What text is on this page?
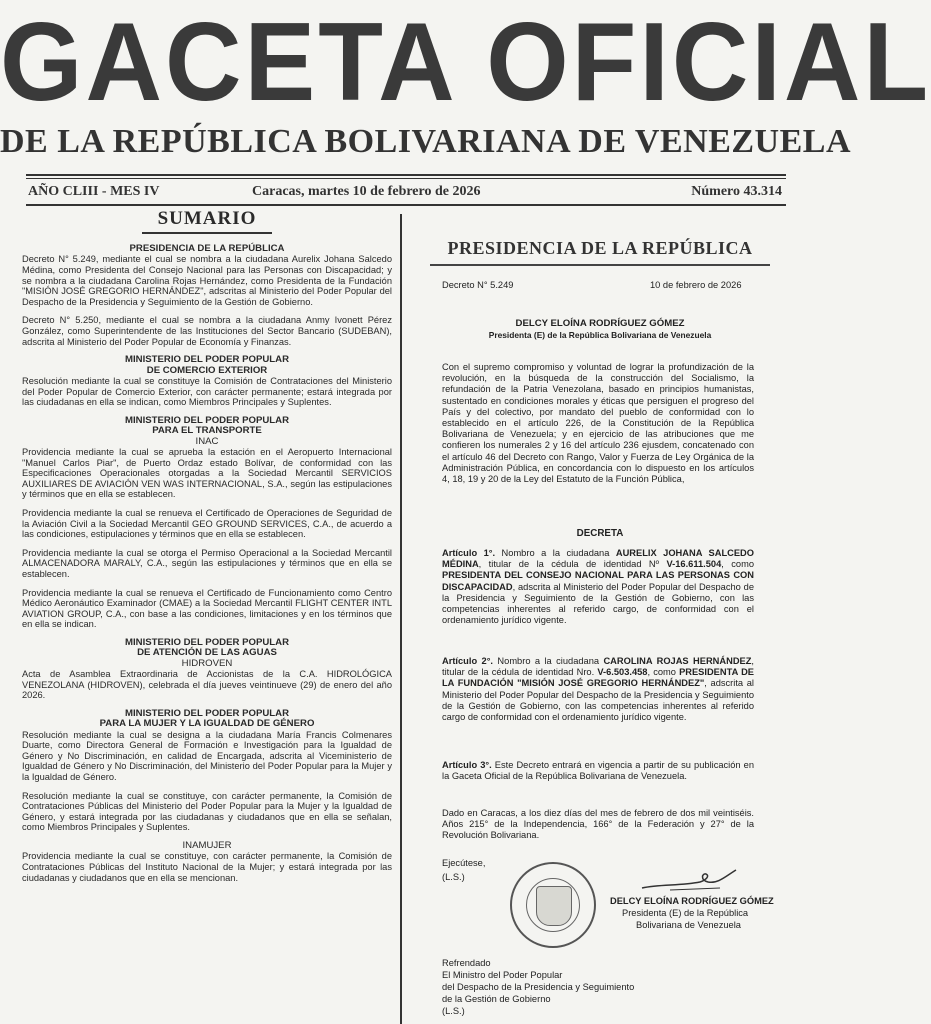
GACETA OFICIAL
DE LA REPÚBLICA BOLIVARIANA DE VENEZUELA
AÑO CLIII - MES IV	Caracas, martes 10 de febrero de 2026	Número 43.314
SUMARIO
PRESIDENCIA DE LA REPÚBLICA
Decreto N° 5.249, mediante el cual se nombra a la ciudadana Aurelix Johana Salcedo Médina, como Presidenta del Consejo Nacional para las Personas con Discapacidad; y se nombra a la ciudadana Carolina Rojas Hernández, como Presidenta de la Fundación "MISIÓN JOSÉ GREGORIO HERNÁNDEZ", adscritas al Ministerio del Poder Popular del Despacho de la Presidencia y Seguimiento de la Gestión de Gobierno.
Decreto N° 5.250, mediante el cual se nombra a la ciudadana Anmy Ivonett Pérez González, como Superintendente de las Instituciones del Sector Bancario (SUDEBAN), adscrita al Ministerio del Poder Popular de Economía y Finanzas.
MINISTERIO DEL PODER POPULAR
DE COMERCIO EXTERIOR
Resolución mediante la cual se constituye la Comisión de Contrataciones del Ministerio del Poder Popular de Comercio Exterior, con carácter permanente; estará integrada por las ciudadanas en ella se indican, como Miembros Principales y Suplentes.
MINISTERIO DEL PODER POPULAR
PARA EL TRANSPORTE
INAC
Providencia mediante la cual se aprueba la estación en el Aeropuerto Internacional "Manuel Carlos Piar", de Puerto Ordaz estado Bolívar, de conformidad con las Especificaciones Operacionales otorgadas a la Sociedad Mercantil SERVICIOS AUXILIARES DE AVIACIÓN VEN WAS INTERNACIONAL, S.A., según las estipulaciones y términos que en ella se establecen.
Providencia mediante la cual se renueva el Certificado de Operaciones de Seguridad de la Aviación Civil a la Sociedad Mercantil GEO GROUND SERVICES, C.A., de acuerdo a las condiciones, estipulaciones y términos que en ella se establecen.
Providencia mediante la cual se otorga el Permiso Operacional a la Sociedad Mercantil ALMACENADORA MARALY, C.A., según las estipulaciones y términos que en ella se establecen.
Providencia mediante la cual se renueva el Certificado de Funcionamiento como Centro Médico Aeronáutico Examinador (CMAE) a la Sociedad Mercantil FLIGHT CENTER INTL AVIATION GROUP, C.A., con base a las condiciones, limitaciones y en los términos que en ella se indican.
MINISTERIO DEL PODER POPULAR
DE ATENCIÓN DE LAS AGUAS
HIDROVEN
Acta de Asamblea Extraordinaria de Accionistas de la C.A. HIDROLÓGICA VENEZOLANA (HIDROVEN), celebrada el día jueves veintinueve (29) de enero del año 2026.
MINISTERIO DEL PODER POPULAR
PARA LA MUJER Y LA IGUALDAD DE GÉNERO
Resolución mediante la cual se designa a la ciudadana María Francis Colmenares Duarte, como Directora General de Formación e Investigación para la Igualdad de Género y No Discriminación, en calidad de Encargada, adscrita al Viceministerio de Igualdad de Género y No Discriminación, del Ministerio del Poder Popular para la Mujer y la Igualdad de Género.
Resolución mediante la cual se constituye, con carácter permanente, la Comisión de Contrataciones Públicas del Ministerio del Poder Popular para la Mujer y la Igualdad de Género, y estará integrada por las ciudadanas y ciudadanos que en ella se señalan, como Miembros Principales y Suplentes.
INAMUJER
Providencia mediante la cual se constituye, con carácter permanente, la Comisión de Contrataciones Públicas del Instituto Nacional de la Mujer; y estará integrada por las ciudadanas y ciudadanos que en ella se mencionan.
PRESIDENCIA DE LA REPÚBLICA
Decreto N° 5.249	10 de febrero de 2026
DELCY ELOÍNA RODRÍGUEZ GÓMEZ
Presidenta (E) de la República Bolivariana de Venezuela
Con el supremo compromiso y voluntad de lograr la profundización de la revolución, en la búsqueda de la construcción del Socialismo, la refundación de la Patria Venezolana, basado en principios humanistas, sustentado en condiciones morales y éticas que persiguen el progreso del País y del colectivo, por mandato del pueblo de conformidad con lo establecido en el artículo 226, de la Constitución de la República Bolivariana de Venezuela; y en ejercicio de las atribuciones que me confieren los numerales 2 y 16 del artículo 236 ejusdem, concatenado con el artículo 46 del Decreto con Rango, Valor y Fuerza de Ley Orgánica de la Administración Pública, en concordancia con lo dispuesto en los artículos 4, 18, 19 y 20 de la Ley del Estatuto de la Función Pública,
DECRETA
Artículo 1°. Nombro a la ciudadana AURELIX JOHANA SALCEDO MÉDINA, titular de la cédula de identidad Nº V-16.611.504, como PRESIDENTA DEL CONSEJO NACIONAL PARA LAS PERSONAS CON DISCAPACIDAD, adscrita al Ministerio del Poder Popular del Despacho de la Presidencia y Seguimiento de la Gestión de Gobierno, con las competencias inherentes al referido cargo, de conformidad con el ordenamiento jurídico vigente.
Artículo 2°. Nombro a la ciudadana CAROLINA ROJAS HERNÁNDEZ, titular de la cédula de identidad Nro. V-6.503.458, como PRESIDENTA DE LA FUNDACIÓN "MISIÓN JOSÉ GREGORIO HERNÁNDEZ", adscrita al Ministerio del Poder Popular del Despacho de la Presidencia y Seguimiento de la Gestión de Gobierno, con las competencias inherentes al referido cargo de conformidad con el ordenamiento jurídico vigente.
Artículo 3°. Este Decreto entrará en vigencia a partir de su publicación en la Gaceta Oficial de la República Bolivariana de Venezuela.
Dado en Caracas, a los diez días del mes de febrero de dos mil veintiséis. Años 215° de la Independencia, 166° de la Federación y 27° de la Revolución Bolivariana.
Ejecútese,
(L.S.)
DELCY ELOÍNA RODRÍGUEZ GÓMEZ
Presidenta (E) de la República
Bolivariana de Venezuela
Refrendado
El Ministro del Poder Popular
del Despacho de la Presidencia y Seguimiento
de la Gestión de Gobierno
(L.S.)
